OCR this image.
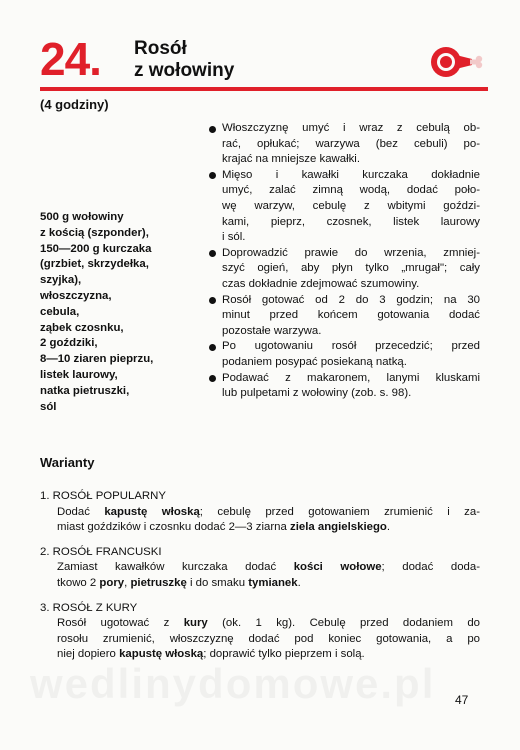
24. Rosół
z wołowiny
(4 godziny)
500 g wołowiny
z kością (szponder),
150—200 g kurczaka
(grzbiet, skrzydełka,
szyjka),
włoszczyzna,
cebula,
ząbek czosnku,
2 goździki,
8—10 ziaren pieprzu,
listek laurowy,
natka pietruszki,
sól
Włoszczyznę umyć i wraz z cebulą ob-
rać, opłukać; warzywa (bez cebuli) po-
krajać na mniejsze kawałki.
Mięso i kawałki kurczaka dokładnie
umyć, zalać zimną wodą, dodać poło-
wę warzyw, cebulę z wbitymi goździ-
kami, pieprz, czosnek, listek laurowy
i sól.
Doprowadzić prawie do wrzenia, zmniej-
szyć ogień, aby płyn tylko „mrugał"; cały
czas dokładnie zdejmować szumowiny.
Rosół gotować od 2 do 3 godzin; na 30
minut przed końcem gotowania dodać
pozostałe warzywa.
Po ugotowaniu rosół przecedzić; przed
podaniem posypać posiekaną natką.
Podawać z makaronem, lanymi kluskami
lub pulpetami z wołowiny (zob. s. 98).
Warianty
1. ROSÓŁ POPULARNY
Dodać kapustę włoską; cebulę przed gotowaniem zrumienić i za-
miast goździków i czosnku dodać 2—3 ziarna ziela angielskiego.
2. ROSÓŁ FRANCUSKI
Zamiast kawałków kurczaka dodać kości wołowe; dodać doda-
tkowo 2 pory, pietruszkę i do smaku tymianek.
3. ROSÓŁ Z KURY
Rosół ugotować z kury (ok. 1 kg). Cebulę przed dodaniem do
rosołu zrumienić, włoszczyznę dodać pod koniec gotowania, a po
niej dopiero kapustę włoską; doprawić tylko pieprzem i solą.
47
